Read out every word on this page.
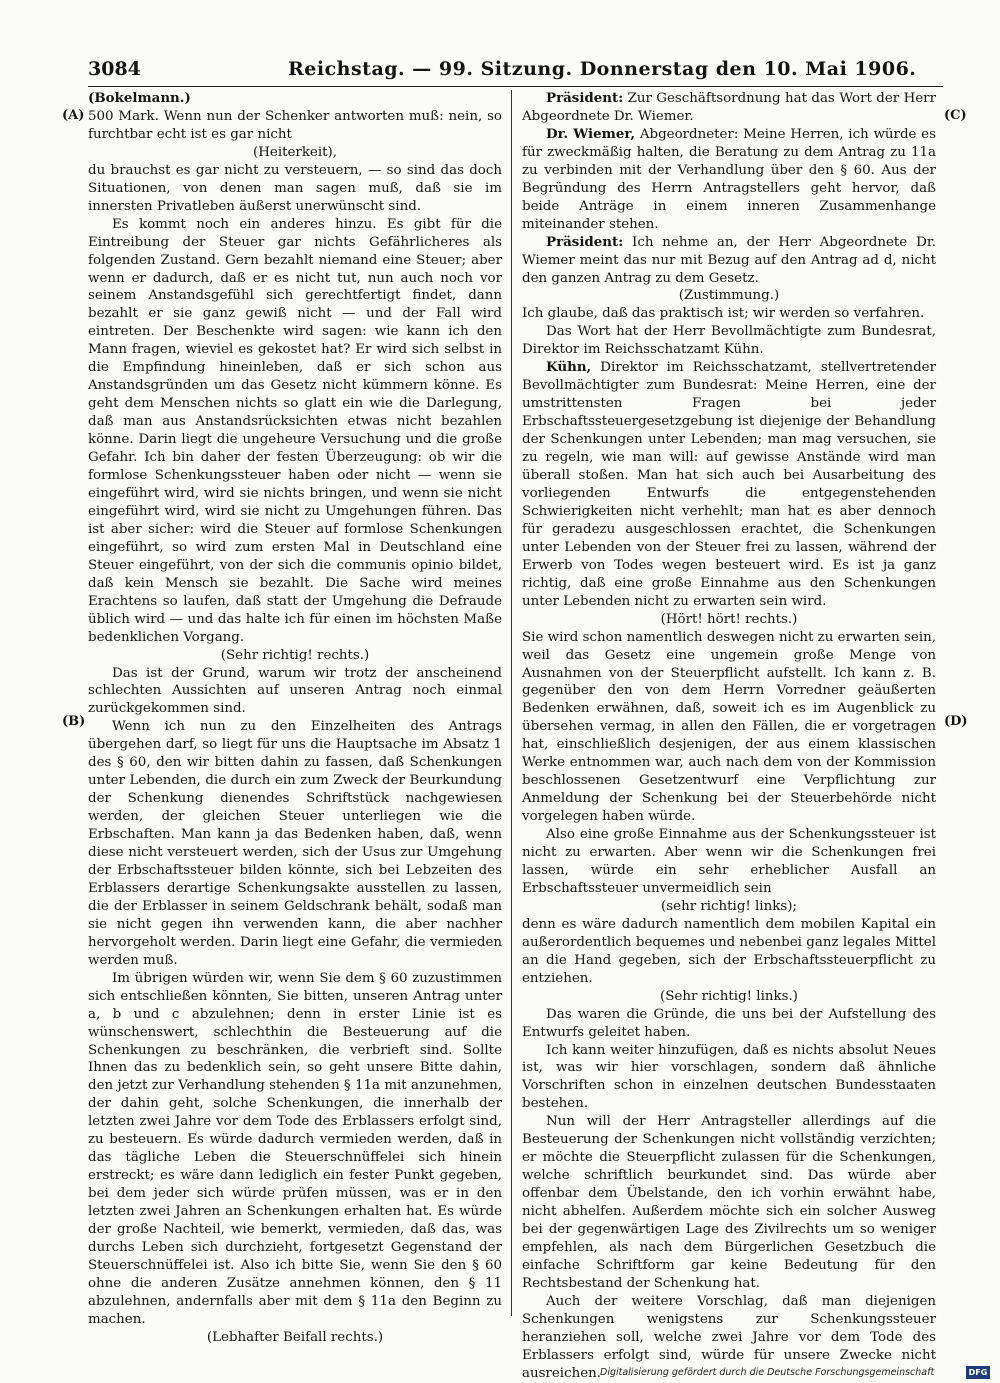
3084	Reichstag. — 99. Sitzung. Donnerstag den 10. Mai 1906.
(A)
(B)
(C)
(D)

(Bokelmann.)

500 Mark. Wenn nun der Schenker antworten muß: nein, so furchtbar echt ist es gar nicht

(Heiterkeit),

du brauchst es gar nicht zu versteuern, — so sind das doch Situationen, von denen man sagen muß, daß sie im innersten Privatleben äußerst unerwünscht sind.

Es kommt noch ein anderes hinzu. Es gibt für die Eintreibung der Steuer gar nichts Gefährlicheres als folgenden Zustand. Gern bezahlt niemand eine Steuer; aber wenn er dadurch, daß er es nicht tut, nun auch noch vor seinem Anstandsgefühl sich gerechtfertigt findet, dann bezahlt er sie ganz gewiß nicht — und der Fall wird eintreten. Der Beschenkte wird sagen: wie kann ich den Mann fragen, wieviel es gekostet hat? Er wird sich selbst in die Empfindung hineinleben, daß er sich schon aus Anstandsgründen um das Gesetz nicht kümmern könne. Es geht dem Menschen nichts so glatt ein wie die Darlegung, daß man aus Anstandsrücksichten etwas nicht bezahlen könne. Darin liegt die ungeheure Versuchung und die große Gefahr. Ich bin daher der festen Überzeugung: ob wir die formlose Schenkungssteuer haben oder nicht — wenn sie eingeführt wird, wird sie nichts bringen, und wenn sie nicht eingeführt wird, wird sie nicht zu Umgehungen führen. Das ist aber sicher: wird die Steuer auf formlose Schenkungen eingeführt, so wird zum ersten Mal in Deutschland eine Steuer eingeführt, von der sich die communis opinio bildet, daß kein Mensch sie bezahlt. Die Sache wird meines Erachtens so laufen, daß statt der Umgehung die Defraude üblich wird — und das halte ich für einen im höchsten Maße bedenklichen Vorgang.

(Sehr richtig! rechts.)

Das ist der Grund, warum wir trotz der anscheinend schlechten Aussichten auf unseren Antrag noch einmal zurückgekommen sind.

Wenn ich nun zu den Einzelheiten des Antrags übergehen darf, so liegt für uns die Hauptsache im Absatz 1 des § 60, den wir bitten dahin zu fassen, daß Schenkungen unter Lebenden, die durch ein zum Zweck der Beurkundung der Schenkung dienendes Schriftstück nachgewiesen werden, der gleichen Steuer unterliegen wie die Erbschaften. Man kann ja das Bedenken haben, daß, wenn diese nicht versteuert werden, sich der Usus zur Umgehung der Erbschaftssteuer bilden könnte, sich bei Lebzeiten des Erblassers derartige Schenkungsakte ausstellen zu lassen, die der Erblasser in seinem Geldschrank behält, sodaß man sie nicht gegen ihn verwenden kann, die aber nachher hervorgeholt werden. Darin liegt eine Gefahr, die vermieden werden muß.

Im übrigen würden wir, wenn Sie dem § 60 zuzustimmen sich entschließen könnten, Sie bitten, unseren Antrag unter a, b und c abzulehnen; denn in erster Linie ist es wünschenswert, schlechthin die Besteuerung auf die Schenkungen zu beschränken, die verbrieft sind. Sollte Ihnen das zu bedenklich sein, so geht unsere Bitte dahin, den jetzt zur Verhandlung stehenden § 11a mit anzunehmen, der dahin geht, solche Schenkungen, die innerhalb der letzten zwei Jahre vor dem Tode des Erblassers erfolgt sind, zu besteuern. Es würde dadurch vermieden werden, daß in das tägliche Leben die Steuerschnüffelei sich hinein erstreckt; es wäre dann lediglich ein fester Punkt gegeben, bei dem jeder sich würde prüfen müssen, was er in den letzten zwei Jahren an Schenkungen erhalten hat. Es würde der große Nachteil, wie bemerkt, vermieden, daß das, was durchs Leben sich durchzieht, fortgesetzt Gegenstand der Steuerschnüffelei ist. Also ich bitte Sie, wenn Sie den § 60 ohne die anderen Zusätze annehmen können, den § 11 abzulehnen, andernfalls aber mit dem § 11a den Beginn zu machen.

(Lebhafter Beifall rechts.)

Präsident: Zur Geschäftsordnung hat das Wort der Herr Abgeordnete Dr. Wiemer.

Dr. Wiemer, Abgeordneter: Meine Herren, ich würde es für zweckmäßig halten, die Beratung zu dem Antrag zu 11a zu verbinden mit der Verhandlung über den § 60. Aus der Begründung des Herrn Antragstellers geht hervor, daß beide Anträge in einem inneren Zusammenhange miteinander stehen.

Präsident: Ich nehme an, der Herr Abgeordnete Dr. Wiemer meint das nur mit Bezug auf den Antrag ad d, nicht den ganzen Antrag zu dem Gesetz.

(Zustimmung.)

Ich glaube, daß das praktisch ist; wir werden so verfahren.

Das Wort hat der Herr Bevollmächtigte zum Bundesrat, Direktor im Reichsschatzamt Kühn.

Kühn, Direktor im Reichsschatzamt, stellvertretender Bevollmächtigter zum Bundesrat: Meine Herren, eine der umstrittensten Fragen bei jeder Erbschaftssteuergesetzgebung ist diejenige der Behandlung der Schenkungen unter Lebenden; man mag versuchen, sie zu regeln, wie man will: auf gewisse Anstände wird man überall stoßen. Man hat sich auch bei Ausarbeitung des vorliegenden Entwurfs die entgegenstehenden Schwierigkeiten nicht verhehlt; man hat es aber dennoch für geradezu ausgeschlossen erachtet, die Schenkungen unter Lebenden von der Steuer frei zu lassen, während der Erwerb von Todes wegen besteuert wird. Es ist ja ganz richtig, daß eine große Einnahme aus den Schenkungen unter Lebenden nicht zu erwarten sein wird.

(Hört! hört! rechts.)

Sie wird schon namentlich deswegen nicht zu erwarten sein, weil das Gesetz eine ungemein große Menge von Ausnahmen von der Steuerpflicht aufstellt. Ich kann z. B. gegenüber den von dem Herrn Vorredner geäußerten Bedenken erwähnen, daß, soweit ich es im Augenblick zu übersehen vermag, in allen den Fällen, die er vorgetragen hat, einschließlich desjenigen, der aus einem klassischen Werke entnommen war, auch nach dem von der Kommission beschlossenen Gesetzentwurf eine Verpflichtung zur Anmeldung der Schenkung bei der Steuerbehörde nicht vorgelegen haben würde.

Also eine große Einnahme aus der Schenkungssteuer ist nicht zu erwarten. Aber wenn wir die Schenkungen frei lassen, würde ein sehr erheblicher Ausfall an Erbschaftssteuer unvermeidlich sein

(sehr richtig! links);

denn es wäre dadurch namentlich dem mobilen Kapital ein außerordentlich bequemes und nebenbei ganz legales Mittel an die Hand gegeben, sich der Erbschaftssteuerpflicht zu entziehen.

(Sehr richtig! links.)

Das waren die Gründe, die uns bei der Aufstellung des Entwurfs geleitet haben.

Ich kann weiter hinzufügen, daß es nichts absolut Neues ist, was wir hier vorschlagen, sondern daß ähnliche Vorschriften schon in einzelnen deutschen Bundesstaaten bestehen.

Nun will der Herr Antragsteller allerdings auf die Besteuerung der Schenkungen nicht vollständig verzichten; er möchte die Steuerpflicht zulassen für die Schenkungen, welche schriftlich beurkundet sind. Das würde aber offenbar dem Übelstande, den ich vorhin erwähnt habe, nicht abhelfen. Außerdem möchte sich ein solcher Ausweg bei der gegenwärtigen Lage des Zivilrechts um so weniger empfehlen, als nach dem Bürgerlichen Gesetzbuch die einfache Schriftform gar keine Bedeutung für den Rechtsbestand der Schenkung hat.

Auch der weitere Vorschlag, daß man diejenigen Schenkungen wenigstens zur Schenkungssteuer heranziehen soll, welche zwei Jahre vor dem Tode des Erblassers erfolgt sind, würde für unsere Zwecke nicht ausreichen.

Digitalisierung gefördert durch die Deutsche Forschungsgemeinschaft	DFG
